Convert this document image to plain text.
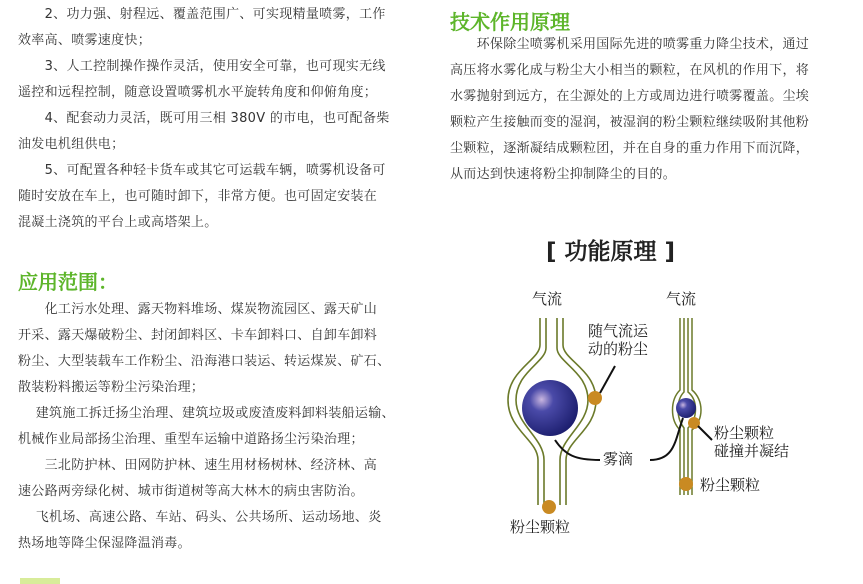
　　2、功力强、射程远、覆盖范围广、可实现精量喷雾，工作
效率高、喷雾速度快；
　　3、人工控制操作操作灵活，使用安全可靠，也可现实无线
遥控和远程控制，随意设置喷雾机水平旋转角度和仰俯角度；
　　4、配套动力灵活，既可用三相 380V 的市电，也可配备柴
油发电机组供电；
　　5、可配置各种轻卡货车或其它可运载车辆，喷雾机设备可
随时安放在车上，也可随时卸下，非常方便。也可固定安装在
混凝土浇筑的平台上或高塔架上。
应用范围：
　　化工污水处理、露天物料堆场、煤炭物流园区、露天矿山
开采、露天爆破粉尘、封闭卸料区、卡车卸料口、自卸车卸料
粉尘、大型装载车工作粉尘、沿海港口装运、转运煤炭、矿石、
散装粉料搬运等粉尘污染治理；
　 建筑施工拆迁扬尘治理、建筑垃圾或废渣废料卸料装船运输、
机械作业局部扬尘治理、重型车运输中道路扬尘污染治理；
　　三北防护林、田网防护林、速生用材杨树林、经济林、高
速公路两旁绿化树、城市街道树等高大林木的病虫害防治。
　 飞机场、高速公路、车站、码头、公共场所、运动场地、炎
热场地等降尘保湿降温消毒。
技术作用原理
　　环保除尘喷雾机采用国际先进的喷雾重力降尘技术，通过
高压将水雾化成与粉尘大小相当的颗粒，在风机的作用下，将
水雾抛射到远方，在尘源处的上方或周边进行喷雾覆盖。尘埃
颗粒产生接触而变的湿润，被湿润的粉尘颗粒继续吸附其他粉
尘颗粒，逐渐凝结成颗粒团，并在自身的重力作用下而沉降，
从而达到快速将粉尘抑制降尘的目的。
[ 功能原理 ]
气流	气流
随气流运
动的粉尘
雾滴
粉尘颗粒
粉尘颗粒
碰撞并凝结
粉尘颗粒
